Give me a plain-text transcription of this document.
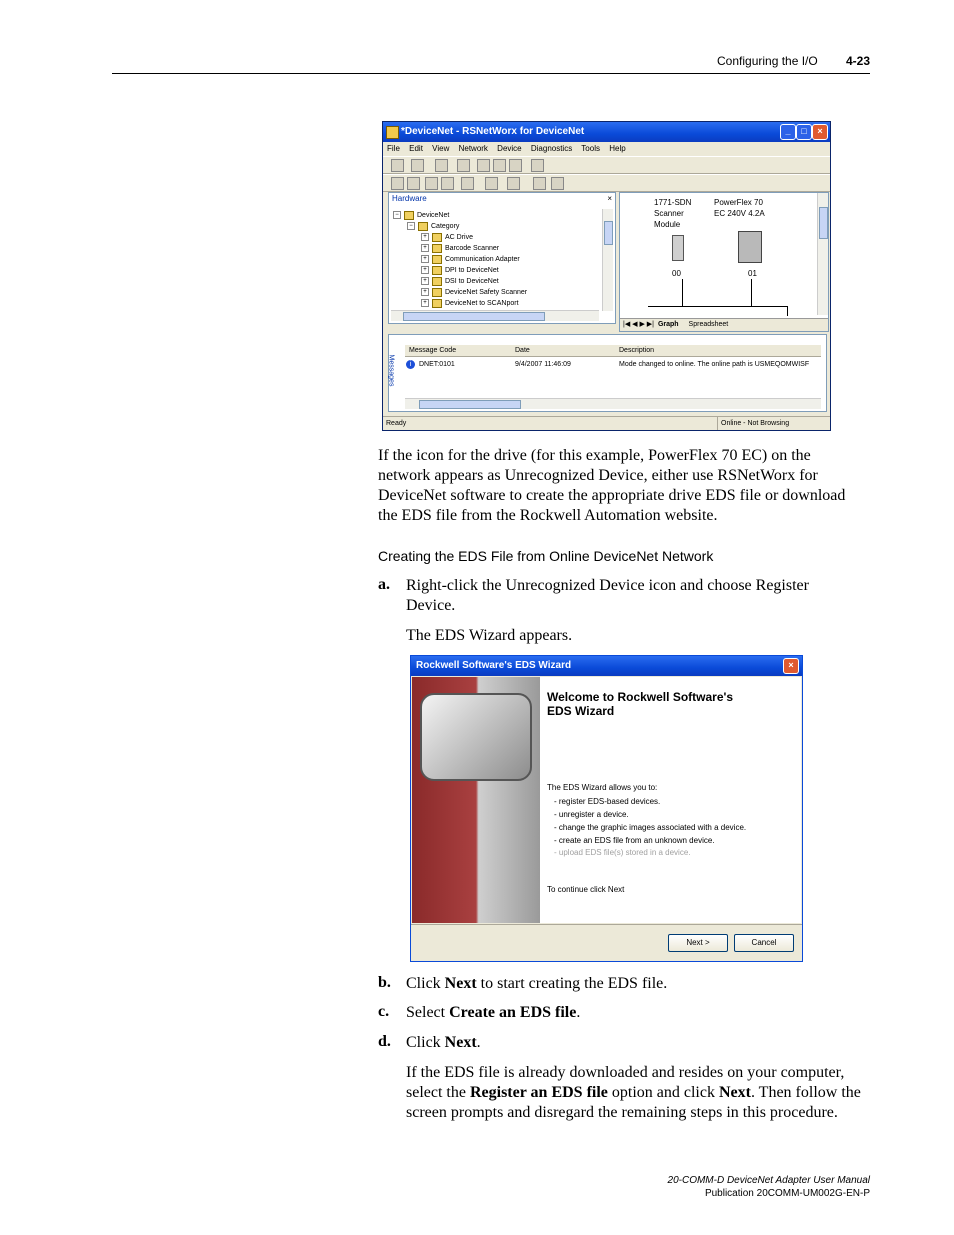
Configuring the I/O 4-23
*DeviceNet - RSNetWorx for DeviceNet	_	□	×
File Edit View Network Device Diagnostics Tools Help
Hardware	×
−	DeviceNet
−	Category
+	AC Drive
+	Barcode Scanner
+	Communication Adapter
+	DPI to DeviceNet
+	DSI to DeviceNet
+	DeviceNet Safety Scanner
+	DeviceNet to SCANport
1771-SDN
Scanner
Module
00
PowerFlex 70
EC 240V 4.2A
01
|◀ ◀ ▶ ▶| Graph Spreadsheet
Messages
Message Code	Date	Description
i	DNET:0101	9/4/2007 11:46:09	Mode changed to online. The online path is USMEQOMWISF
Ready	Online - Not Browsing
If the icon for the drive (for this example, PowerFlex 70 EC) on the network appears as Unrecognized Device, either use RSNetWorx for DeviceNet software to create the appropriate drive EDS file or download the EDS file from the Rockwell Automation website.
Creating the EDS File from Online DeviceNet Network
a. Right-click the Unrecognized Device icon and choose Register Device.
The EDS Wizard appears.
Rockwell Software's EDS Wizard	×
Welcome to Rockwell Software's
EDS Wizard
The EDS Wizard allows you to:
- register EDS-based devices.
- unregister a device.
- change the graphic images associated with a device.
- create an EDS file from an unknown device.
- upload EDS file(s) stored in a device.
To continue click Next
Next >	Cancel
b. Click Next to start creating the EDS file.
c. Select Create an EDS file.
d. Click Next.
If the EDS file is already downloaded and resides on your computer, select the Register an EDS file option and click Next. Then follow the screen prompts and disregard the remaining steps in this procedure.
20-COMM-D DeviceNet Adapter User Manual
Publication 20COMM-UM002G-EN-P
